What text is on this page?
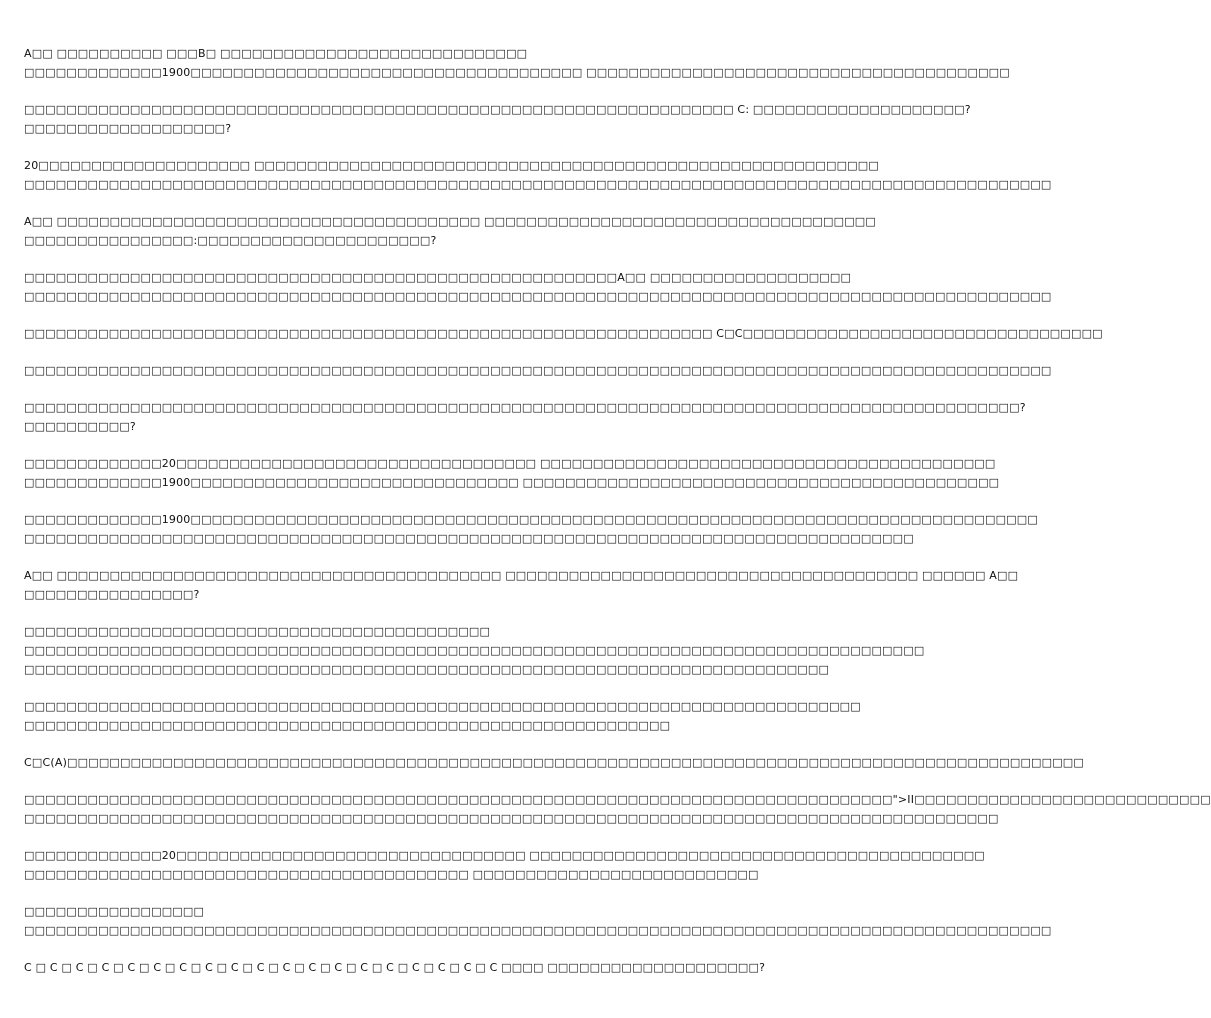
A□□ □□□□□□□□□□ □□□B□ □□□□□□□□□□□□□□□□□□□□□□□□□□□□□
□□□□□□□□□□□□□1900□□□□□□□□□□□□□□□□□□□□□□□□□□□□□□□□□□□□□ □□□□□□□□□□□□□□□□□□□□□□□□□□□□□□□□□□□□□□□□
□□□□□□□□□□□□□□□□□□□□□□□□□□□□□□□□□□□□□□□□□□□□□□□□□□□□□□□□□□□□□□□□□□□ C: □□□□□□□□□□□□□□□□□□□□?
□□□□□□□□□□□□□□□□□□□?
20□□□□□□□□□□□□□□□□□□□□ □□□□□□□□□□□□□□□□□□□□□□□□□□□□□□□□□□□□□□□□□□□□□□□□□□□□□□□□□□□
□□□□□□□□□□□□□□□□□□□□□□□□□□□□□□□□□□□□□□□□□□□□□□□□□□□□□□□□□□□□□□□□□□□□□□□□□□□□□□□□□□□□□□□□□□□□□□□□□
A□□ □□□□□□□□□□□□□□□□□□□□□□□□□□□□□□□□□□□□□□□□ □□□□□□□□□□□□□□□□□□□□□□□□□□□□□□□□□□□□□
□□□□□□□□□□□□□□□□:□□□□□□□□□□□□□□□□□□□□□□?
□□□□□□□□□□□□□□□□□□□□□□□□□□□□□□□□□□□□□□□□□□□□□□□□□□□□□□□□A□□ □□□□□□□□□□□□□□□□□□□
□□□□□□□□□□□□□□□□□□□□□□□□□□□□□□□□□□□□□□□□□□□□□□□□□□□□□□□□□□□□□□□□□□□□□□□□□□□□□□□□□□□□□□□□□□□□□□□□□
□□□□□□□□□□□□□□□□□□□□□□□□□□□□□□□□□□□□□□□□□□□□□□□□□□□□□□□□□□□□□□□□□ C□C□□□□□□□□□□□□□□□□□□□□□□□□□□□□□□□□□□
□□□□□□□□□□□□□□□□□□□□□□□□□□□□□□□□□□□□□□□□□□□□□□□□□□□□□□□□□□□□□□□□□□□□□□□□□□□□□□□□□□□□□□□□□□□□□□□□□
□□□□□□□□□□□□□□□□□□□□□□□□□□□□□□□□□□□□□□□□□□□□□□□□□□□□□□□□□□□□□□□□□□□□□□□□□□□□□□□□□□□□□□□□□□□□□□?
□□□□□□□□□□?
□□□□□□□□□□□□□20□□□□□□□□□□□□□□□□□□□□□□□□□□□□□□□□□□ □□□□□□□□□□□□□□□□□□□□□□□□□□□□□□□□□□□□□□□□□□□
□□□□□□□□□□□□□1900□□□□□□□□□□□□□□□□□□□□□□□□□□□□□□□ □□□□□□□□□□□□□□□□□□□□□□□□□□□□□□□□□□□□□□□□□□□□□
□□□□□□□□□□□□□1900□□□□□□□□□□□□□□□□□□□□□□□□□□□□□□□□□□□□□□□□□□□□□□□□□□□□□□□□□□□□□□□□□□□□□□□□□□□□□□□□
□□□□□□□□□□□□□□□□□□□□□□□□□□□□□□□□□□□□□□□□□□□□□□□□□□□□□□□□□□□□□□□□□□□□□□□□□□□□□□□□□□□□
A□□ □□□□□□□□□□□□□□□□□□□□□□□□□□□□□□□□□□□□□□□□□□ □□□□□□□□□□□□□□□□□□□□□□□□□□□□□□□□□□□□□□□ □□□□□□ A□□
□□□□□□□□□□□□□□□□?
□□□□□□□□□□□□□□□□□□□□□□□□□□□□□□□□□□□□□□□□□□□□
□□□□□□□□□□□□□□□□□□□□□□□□□□□□□□□□□□□□□□□□□□□□□□□□□□□□□□□□□□□□□□□□□□□□□□□□□□□□□□□□□□□□□
□□□□□□□□□□□□□□□□□□□□□□□□□□□□□□□□□□□□□□□□□□□□□□□□□□□□□□□□□□□□□□□□□□□□□□□□□□□□
□□□□□□□□□□□□□□□□□□□□□□□□□□□□□□□□□□□□□□□□□□□□□□□□□□□□□□□□□□□□□□□□□□□□□□□□□□□□□□□
□□□□□□□□□□□□□□□□□□□□□□□□□□□□□□□□□□□□□□□□□□□□□□□□□□□□□□□□□□□□□
C□C(A)□□□□□□□□□□□□□□□□□□□□□□□□□□□□□□□□□□□□□□□□□□□□□□□□□□□□□□□□□□□□□□□□□□□□□□□□□□□□□□□□□□□□□□□□□□□□□□□□
□□□□□□□□□□□□□□□□□□□□□□□□□□□□□□□□□□□□□□□□□□□□□□□□□□□□□□□□□□□□□□□□□□□□□□□□□□□□□□□□□□">II□□□□□□□□□□□□□□□□□□□□□□□□□□□□
□□□□□□□□□□□□□□□□□□□□□□□□□□□□□□□□□□□□□□□□□□□□□□□□□□□□□□□□□□□□□□□□□□□□□□□□□□□□□□□□□□□□□□□□□□□□
□□□□□□□□□□□□□20□□□□□□□□□□□□□□□□□□□□□□□□□□□□□□□□□ □□□□□□□□□□□□□□□□□□□□□□□□□□□□□□□□□□□□□□□□□□□
□□□□□□□□□□□□□□□□□□□□□□□□□□□□□□□□□□□□□□□□□□ □□□□□□□□□□□□□□□□□□□□□□□□□□□
□□□□□□□□□□□□□□□□□
□□□□□□□□□□□□□□□□□□□□□□□□□□□□□□□□□□□□□□□□□□□□□□□□□□□□□□□□□□□□□□□□□□□□□□□□□□□□□□□□□□□□□□□□□□□□□□□□□
C □ C □ C □ C □ C □ C □ C □ C □ C □ C □ C □ C □ C □ C □ C □ C □ C □ C □ C □□□□ □□□□□□□□□□□□□□□□□□□□?
